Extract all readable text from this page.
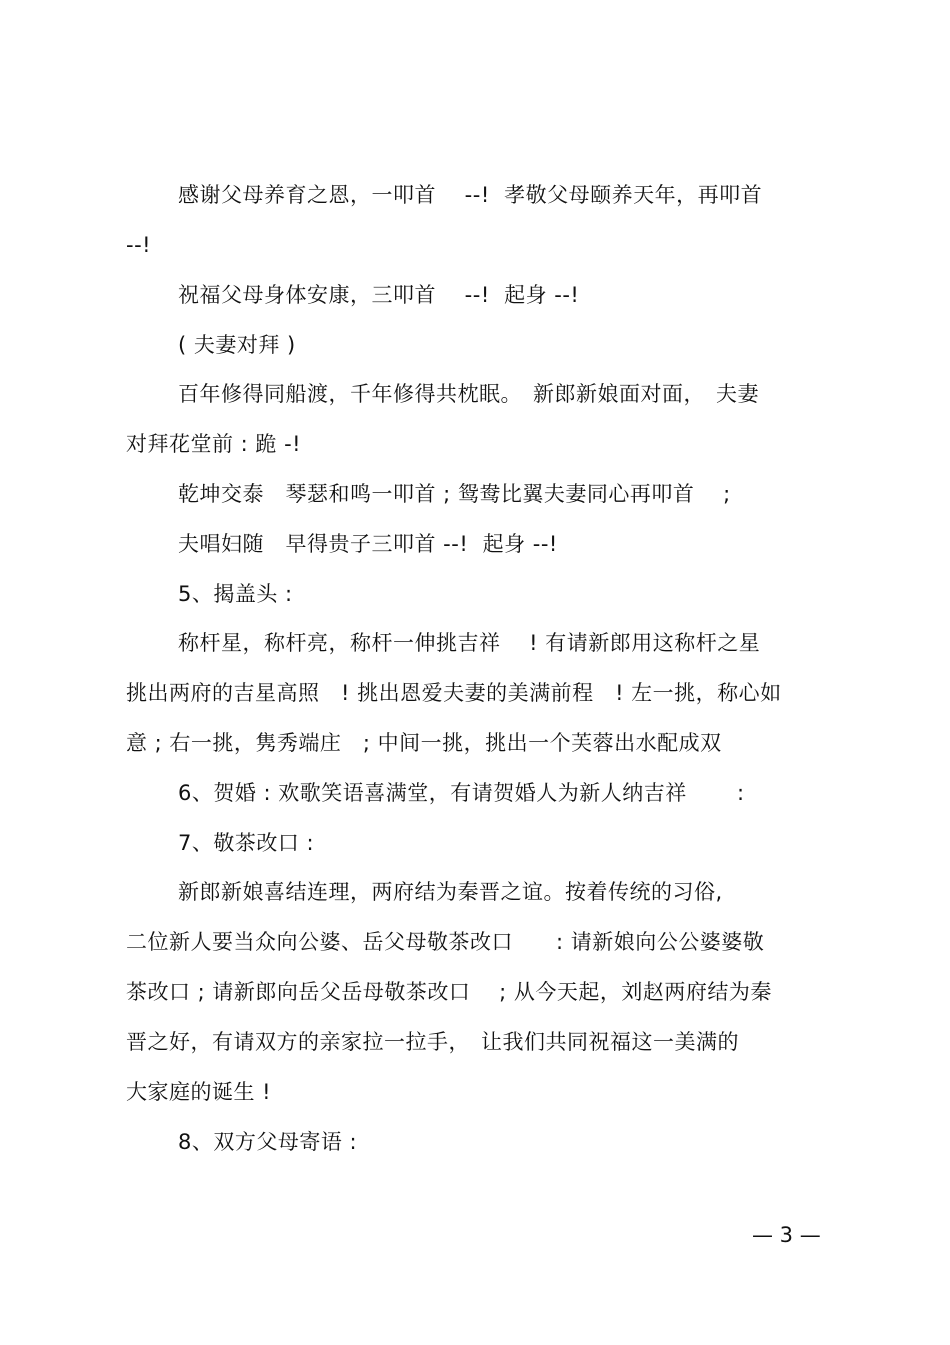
感谢父母养育之恩，一叩首　 --!  孝敬父母颐养天年，再叩首
--!
祝福父母身体安康，三叩首　 --!  起身 --!
( 夫妻对拜 )
百年修得同船渡，千年修得共枕眠。　新郎新娘面对面，　夫妻
对拜花堂前 : 跪 -!
乾坤交泰　琴瑟和鸣一叩首 ; 鸳鸯比翼夫妻同心再叩首　 ;
夫唱妇随　早得贵子三叩首 --!  起身 --!
5、揭盖头 :
称杆星，称杆亮，称杆一伸挑吉祥　 ! 有请新郎用这称杆之星
挑出两府的吉星高照　! 挑出恩爱夫妻的美满前程　! 左一挑，称心如
意 ; 右一挑，隽秀端庄　; 中间一挑，挑出一个芙蓉出水配成双
6、贺婚 : 欢歌笑语喜满堂，有请贺婚人为新人纳吉祥　　 :
7、敬茶改口 :
新郎新娘喜结连理，两府结为秦晋之谊。按着传统的习俗,
二位新人要当众向公婆、岳父母敬茶改口　　: 请新娘向公公婆婆敬
茶改口 ; 请新郎向岳父岳母敬茶改口　 ; 从今天起，刘赵两府结为秦
晋之好，有请双方的亲家拉一拉手，　让我们共同祝福这一美满的
大家庭的诞生 !
8、双方父母寄语 :
— 3 —
